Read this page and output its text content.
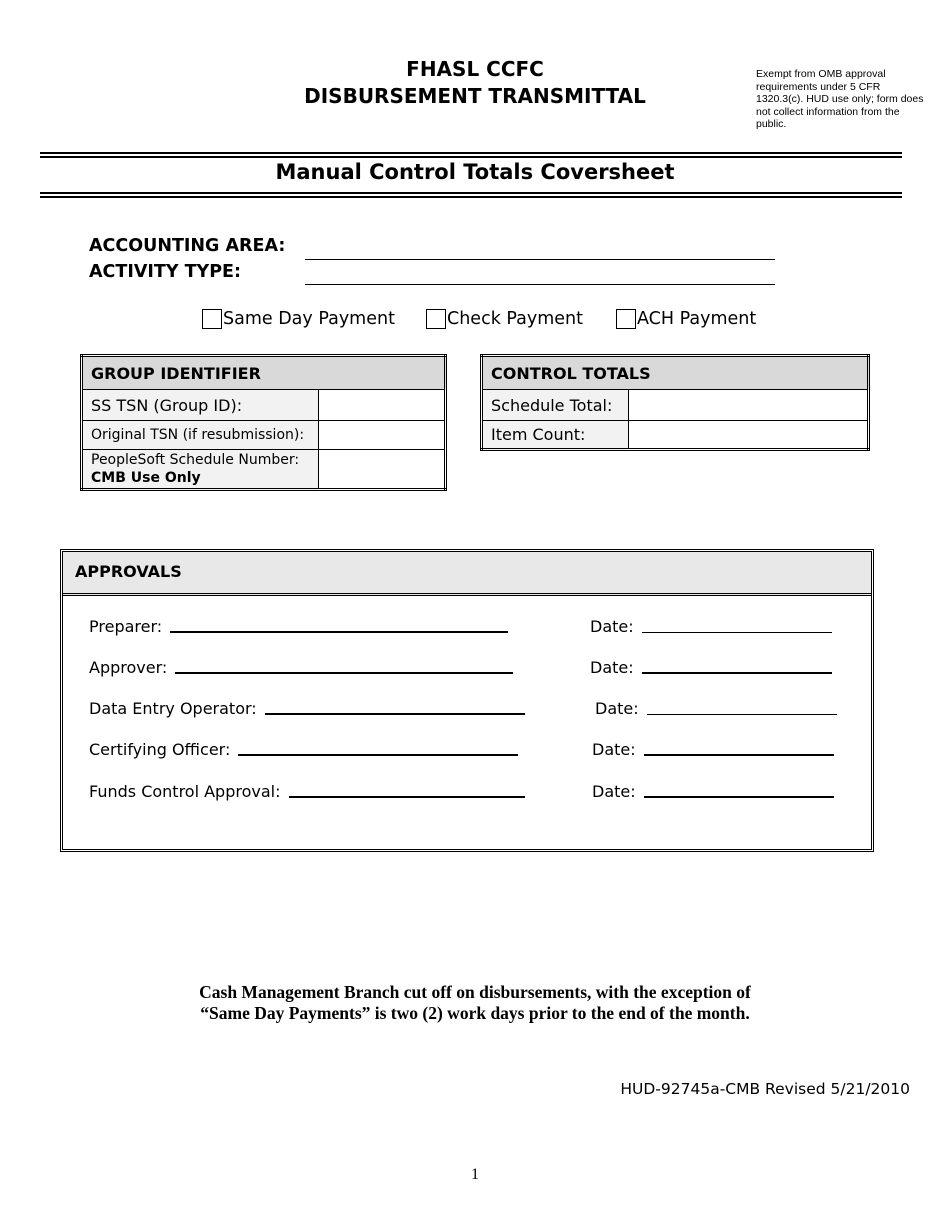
FHASL CCFC
DISBURSEMENT TRANSMITTAL
Exempt from OMB approval requirements under 5 CFR 1320.3(c). HUD use only; form does not collect information from the public.
Manual Control Totals Coversheet
ACCOUNTING AREA:
ACTIVITY TYPE:
Same Day Payment	Check Payment	ACH Payment
GROUP IDENTIFIER	
SS TSN (Group ID):	
Original TSN (if resubmission):	

PeopleSoft Schedule Number:
CMB Use Only	

CONTROL TOTALS	
Schedule Total:	
Item Count:	
APPROVALS
Preparer:	Date:
Approver:	Date:
Data Entry Operator:	Date:
Certifying Officer:	Date:
Funds Control Approval:	Date:
Cash Management Branch cut off on disbursements, with the exception of
“Same Day Payments” is two (2) work days prior to the end of the month.
HUD-92745a-CMB Revised 5/21/2010
1
